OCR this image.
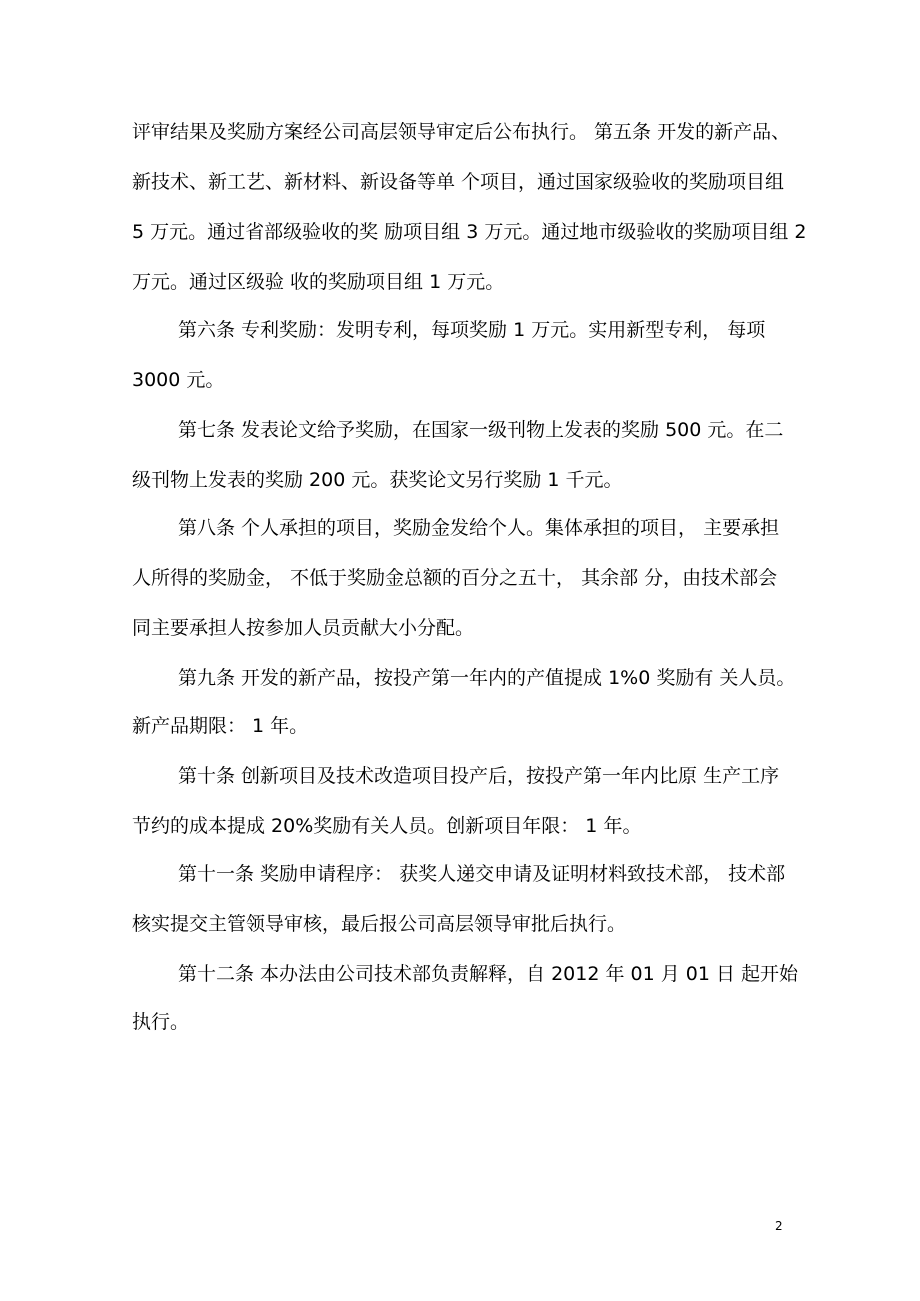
评审结果及奖励方案经公司高层领导审定后公布执行。 第五条 开发的新产品、
新技术、新工艺、新材料、新设备等单 个项目，通过国家级验收的奖励项目组
5 万元。通过省部级验收的奖 励项目组 3 万元。通过地市级验收的奖励项目组 2
万元。通过区级验 收的奖励项目组 1 万元。
第六条 专利奖励：发明专利，每项奖励 1 万元。实用新型专利， 每项
3000 元。
第七条 发表论文给予奖励，在国家一级刊物上发表的奖励 500 元。在二
级刊物上发表的奖励 200 元。获奖论文另行奖励 1 千元。
第八条 个人承担的项目，奖励金发给个人。集体承担的项目， 主要承担
人所得的奖励金， 不低于奖励金总额的百分之五十， 其余部 分，由技术部会
同主要承担人按参加人员贡献大小分配。
第九条 开发的新产品，按投产第一年内的产值提成 1%0 奖励有 关人员。
新产品期限： 1 年。
第十条 创新项目及技术改造项目投产后，按投产第一年内比原 生产工序
节约的成本提成 20%奖励有关人员。创新项目年限： 1 年。
第十一条 奖励申请程序： 获奖人递交申请及证明材料致技术部， 技术部
核实提交主管领导审核，最后报公司高层领导审批后执行。
第十二条 本办法由公司技术部负责解释，自 2012 年 01 月 01 日 起开始
执行。
2
